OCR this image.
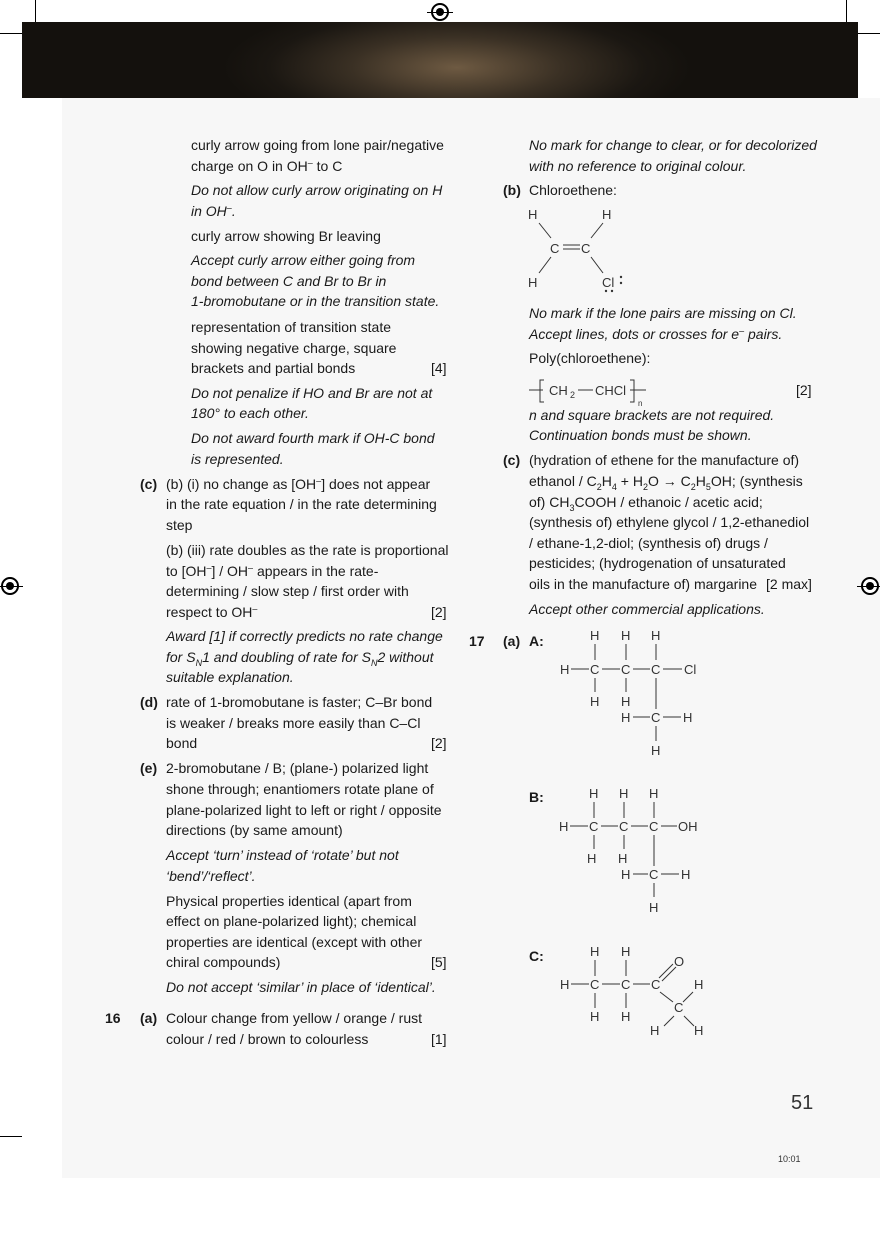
curly arrow going from lone pair/negative
charge on O in OH– to C
Do not allow curly arrow originating on H
in OH–.
curly arrow showing Br leaving
Accept curly arrow either going from
bond between C and Br to Br in
1-bromobutane or in the transition state.
representation of transition state
showing negative charge, square
brackets and partial bonds	[4]
Do not penalize if HO and Br are not at
180° to each other.
Do not award fourth mark if OH-C bond
is represented.
(c) (b) (i) no change as [OH–] does not appear
in the rate equation / in the rate determining
step
(b) (iii) rate doubles as the rate is proportional
to [OH–] / OH– appears in the rate-
determining / slow step / first order with
respect to OH–	[2]
Award [1] if correctly predicts no rate change
for $S_N1$ and doubling of rate for $S_N2$ without
suitable explanation.
(d) rate of 1-bromobutane is faster; C–Br bond
is weaker / breaks more easily than C–Cl
bond	[2]
(e) 2-bromobutane / B; (plane-) polarized light
shone through; enantiomers rotate plane of
plane-polarized light to left or right / opposite
directions (by same amount)
Accept ‘turn’ instead of ‘rotate’ but not
‘bend’/‘reflect’.
Physical properties identical (apart from
effect on plane-polarized light); chemical
properties are identical (except with other
chiral compounds)	[5]
Do not accept ‘similar’ in place of ‘identical’.
16 (a) Colour change from yellow / orange / rust
colour / red / brown to colourless	[1]
No mark for change to clear, or for decolorized
with no reference to original colour.
(b) Chloroethene:
H	H
C C
H	Cl
No mark if the lone pairs are missing on Cl.
Accept lines, dots or crosses for e– pairs.
Poly(chloroethene):
CH 2 CHCl
n
[2]
n and square brackets are not required.
Continuation bonds must be shown.
(c) (hydration of ethene for the manufacture of)
ethanol / $C_2H_4 + H_2O \to C_2H_5OH$; (synthesis
of) $CH_3COOH$ / ethanoic / acetic acid;
(synthesis of) ethylene glycol / 1,2-ethanediol
/ ethane-1,2-diol; (synthesis of) drugs /
pesticides; (hydrogenation of unsaturated
oils in the manufacture of) margarine [2 max]
Accept other commercial applications.
17 (a) A:	H H H
H C C C Cl
H H
H C H
H
B:	H H H
H C C C OH
H H
H C H
H
C:	H H
O
H C C C	H
C
H H
H	H
51
10:01
